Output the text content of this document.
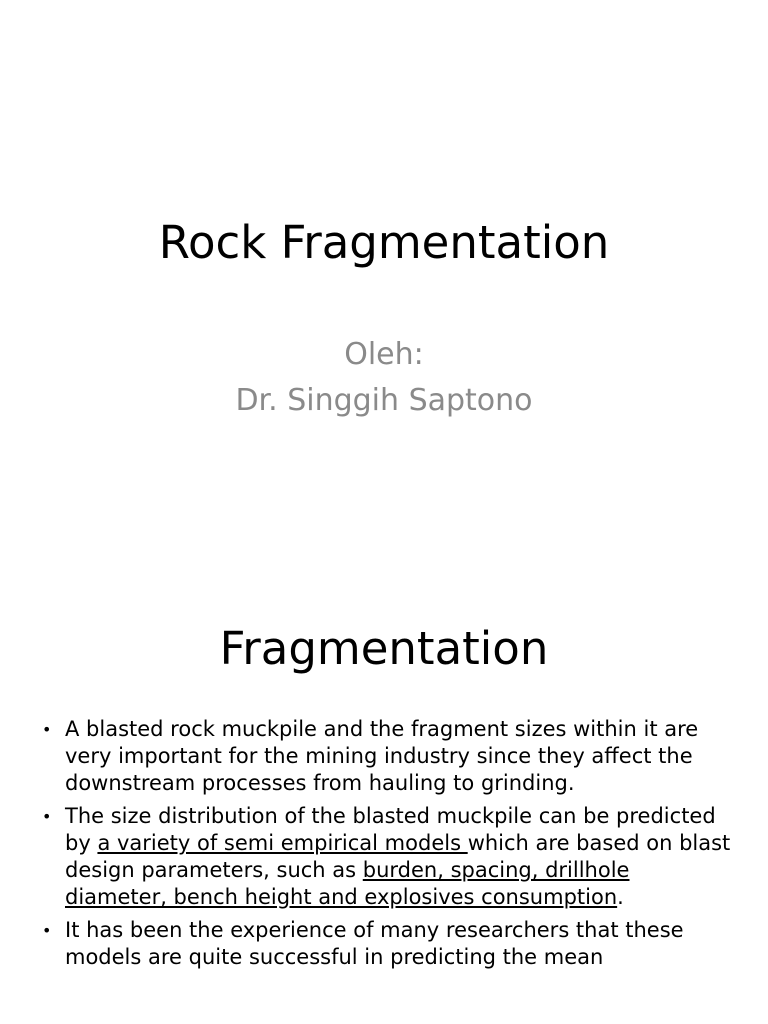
Rock Fragmentation
Oleh:
Dr. Singgih Saptono
Fragmentation
• A blasted rock muckpile and the fragment sizes within it are very important for the mining industry since they affect the downstream processes from hauling to grinding.
• The size distribution of the blasted muckpile can be predicted by a variety of semi empirical models which are based on blast design parameters, such as burden, spacing, drillhole diameter, bench height and explosives consumption.
• It has been the experience of many researchers that these models are quite successful in predicting the mean
